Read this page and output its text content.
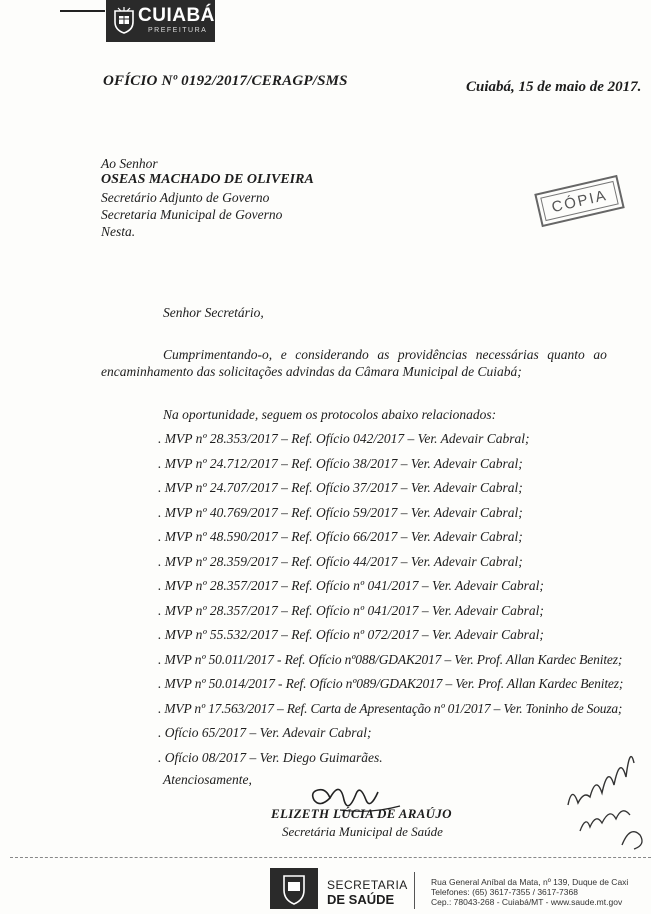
CUIABÁ
PREFEITURA
OFÍCIO Nº 0192/2017/CERAGP/SMS	Cuiabá, 15 de maio de 2017.
Ao Senhor
OSEAS MACHADO DE OLIVEIRA
Secretário Adjunto de Governo
Secretaria Municipal de Governo
Nesta.
CÓPIA
Senhor Secretário,
Cumprimentando-o, e considerando as providências necessárias quanto ao
encaminhamento das solicitações advindas da Câmara Municipal de Cuiabá;
Na oportunidade, seguem os protocolos abaixo relacionados:
. MVP nº 28.353/2017 – Ref. Ofício 042/2017 – Ver. Adevair Cabral;
. MVP nº 24.712/2017 – Ref. Ofício 38/2017 – Ver. Adevair Cabral;
. MVP nº 24.707/2017 – Ref. Ofício 37/2017 – Ver. Adevair Cabral;
. MVP nº 40.769/2017 – Ref. Ofício 59/2017 – Ver. Adevair Cabral;
. MVP nº 48.590/2017 – Ref. Ofício 66/2017 – Ver. Adevair Cabral;
. MVP nº 28.359/2017 – Ref. Ofício 44/2017 – Ver. Adevair Cabral;
. MVP nº 28.357/2017 – Ref. Ofício nº 041/2017 – Ver. Adevair Cabral;
. MVP nº 28.357/2017 – Ref. Ofício nº 041/2017 – Ver. Adevair Cabral;
. MVP nº 55.532/2017 – Ref. Ofício nº 072/2017 – Ver. Adevair Cabral;
. MVP nº 50.011/2017 - Ref. Ofício nº088/GDAK2017 – Ver. Prof. Allan Kardec Benitez;
. MVP nº 50.014/2017 - Ref. Ofício nº089/GDAK2017 – Ver. Prof. Allan Kardec Benitez;
. MVP nº 17.563/2017 – Ref. Carta de Apresentação nº 01/2017 – Ver. Toninho de Souza;
. Ofício 65/2017 – Ver. Adevair Cabral;
. Ofício 08/2017 – Ver. Diego Guimarães.
Atenciosamente,
ELIZETH LÚCIA DE ARAÚJO
Secretária Municipal de Saúde
SECRETARIA
DE SAÚDE
Rua General Aníbal da Mata, nº 139, Duque de Caxi
Telefones: (65) 3617-7355 / 3617-7368
Cep.: 78043-268 - Cuiabá/MT - www.saude.mt.gov
